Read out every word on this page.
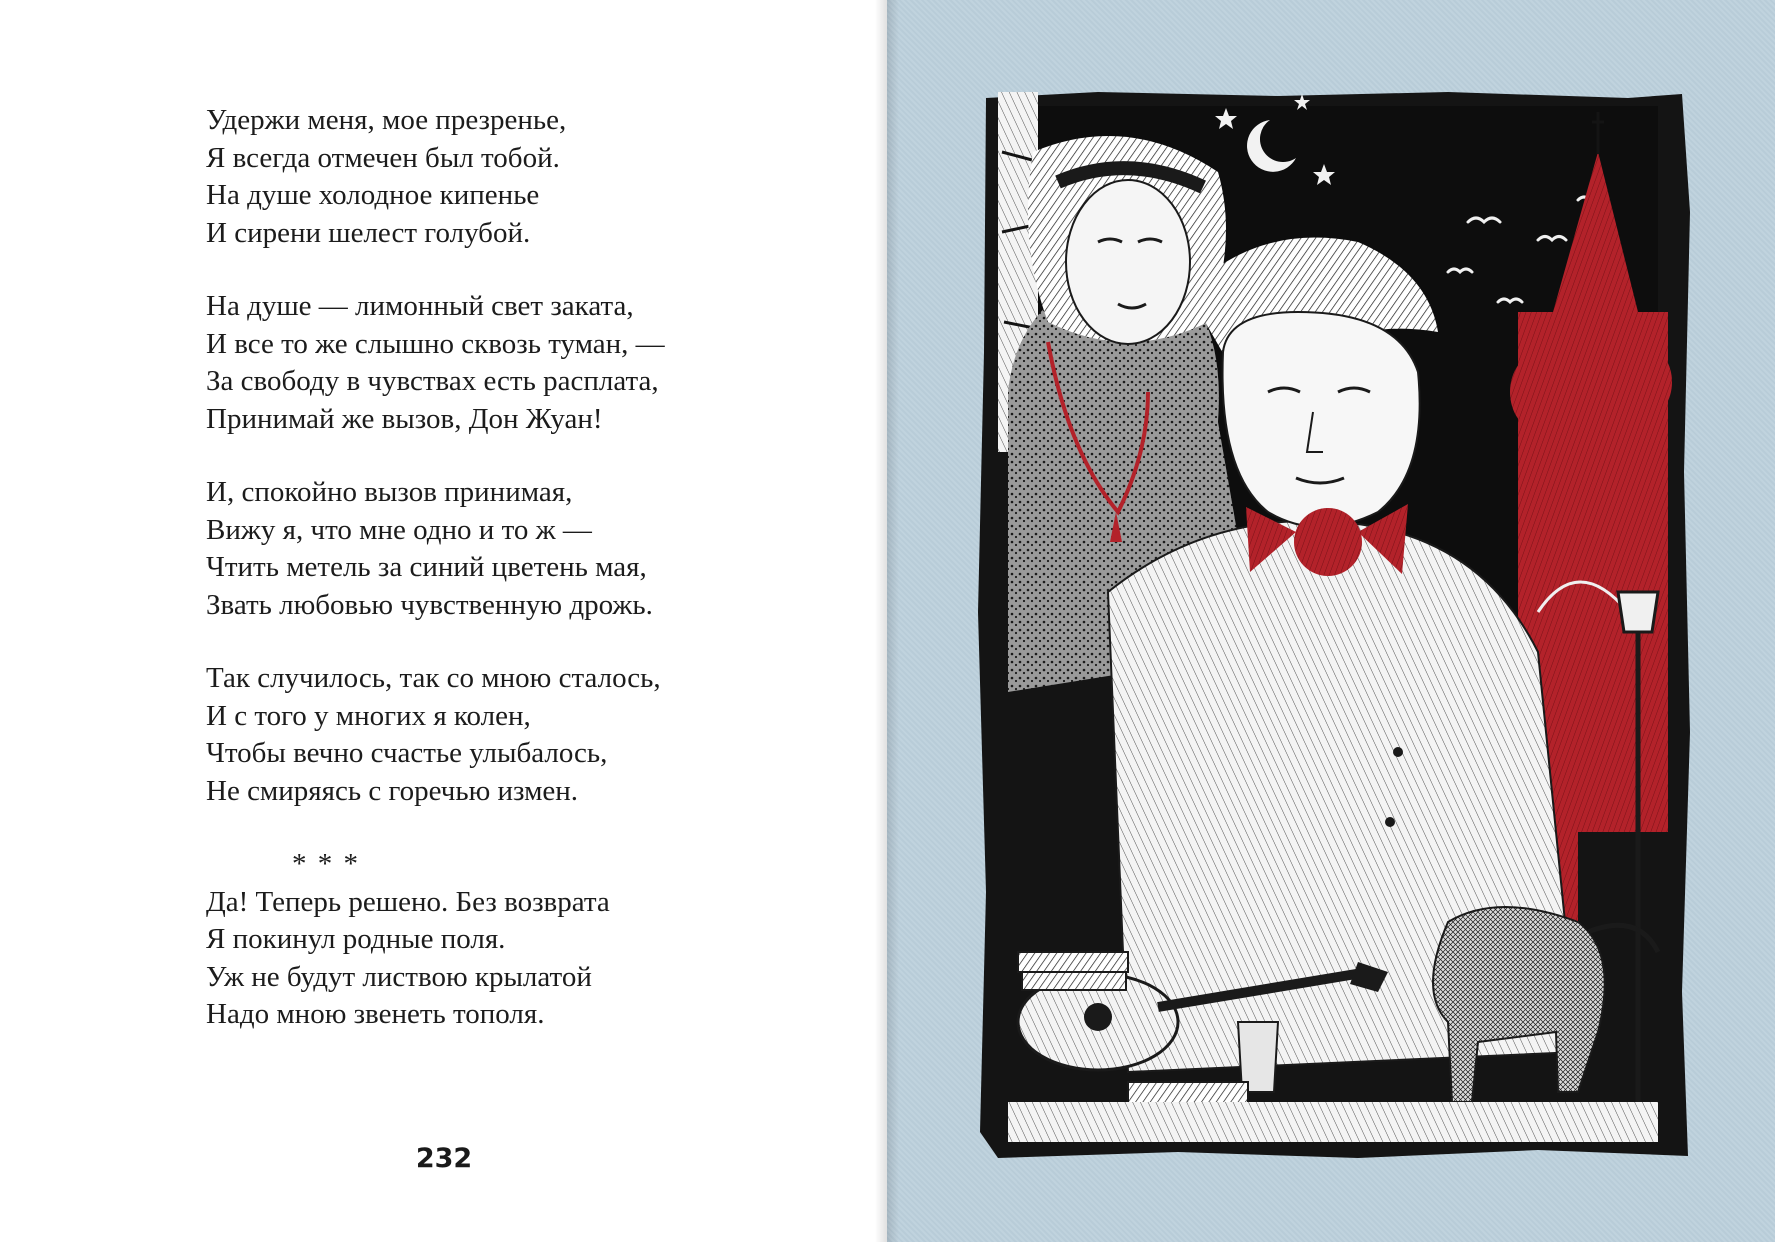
Удержи меня, мое презренье,
Я всегда отмечен был тобой.
На душе холодное кипенье
И сирени шелест голубой.
На душе — лимонный свет заката,
И все то же слышно сквозь туман, —
За свободу в чувствах есть расплата,
Принимай же вызов, Дон Жуан!
И, спокойно вызов принимая,
Вижу я, что мне одно и то ж —
Чтить метель за синий цветень мая,
Звать любовью чувственную дрожь.
Так случилось, так со мною сталось,
И с того у многих я колен,
Чтобы вечно счастье улыбалось,
Не смиряясь с горечью измен.
* * *
Да! Теперь решено. Без возврата
Я покинул родные поля.
Уж не будут листвою крылатой
Надо мною звенеть тополя.
232
